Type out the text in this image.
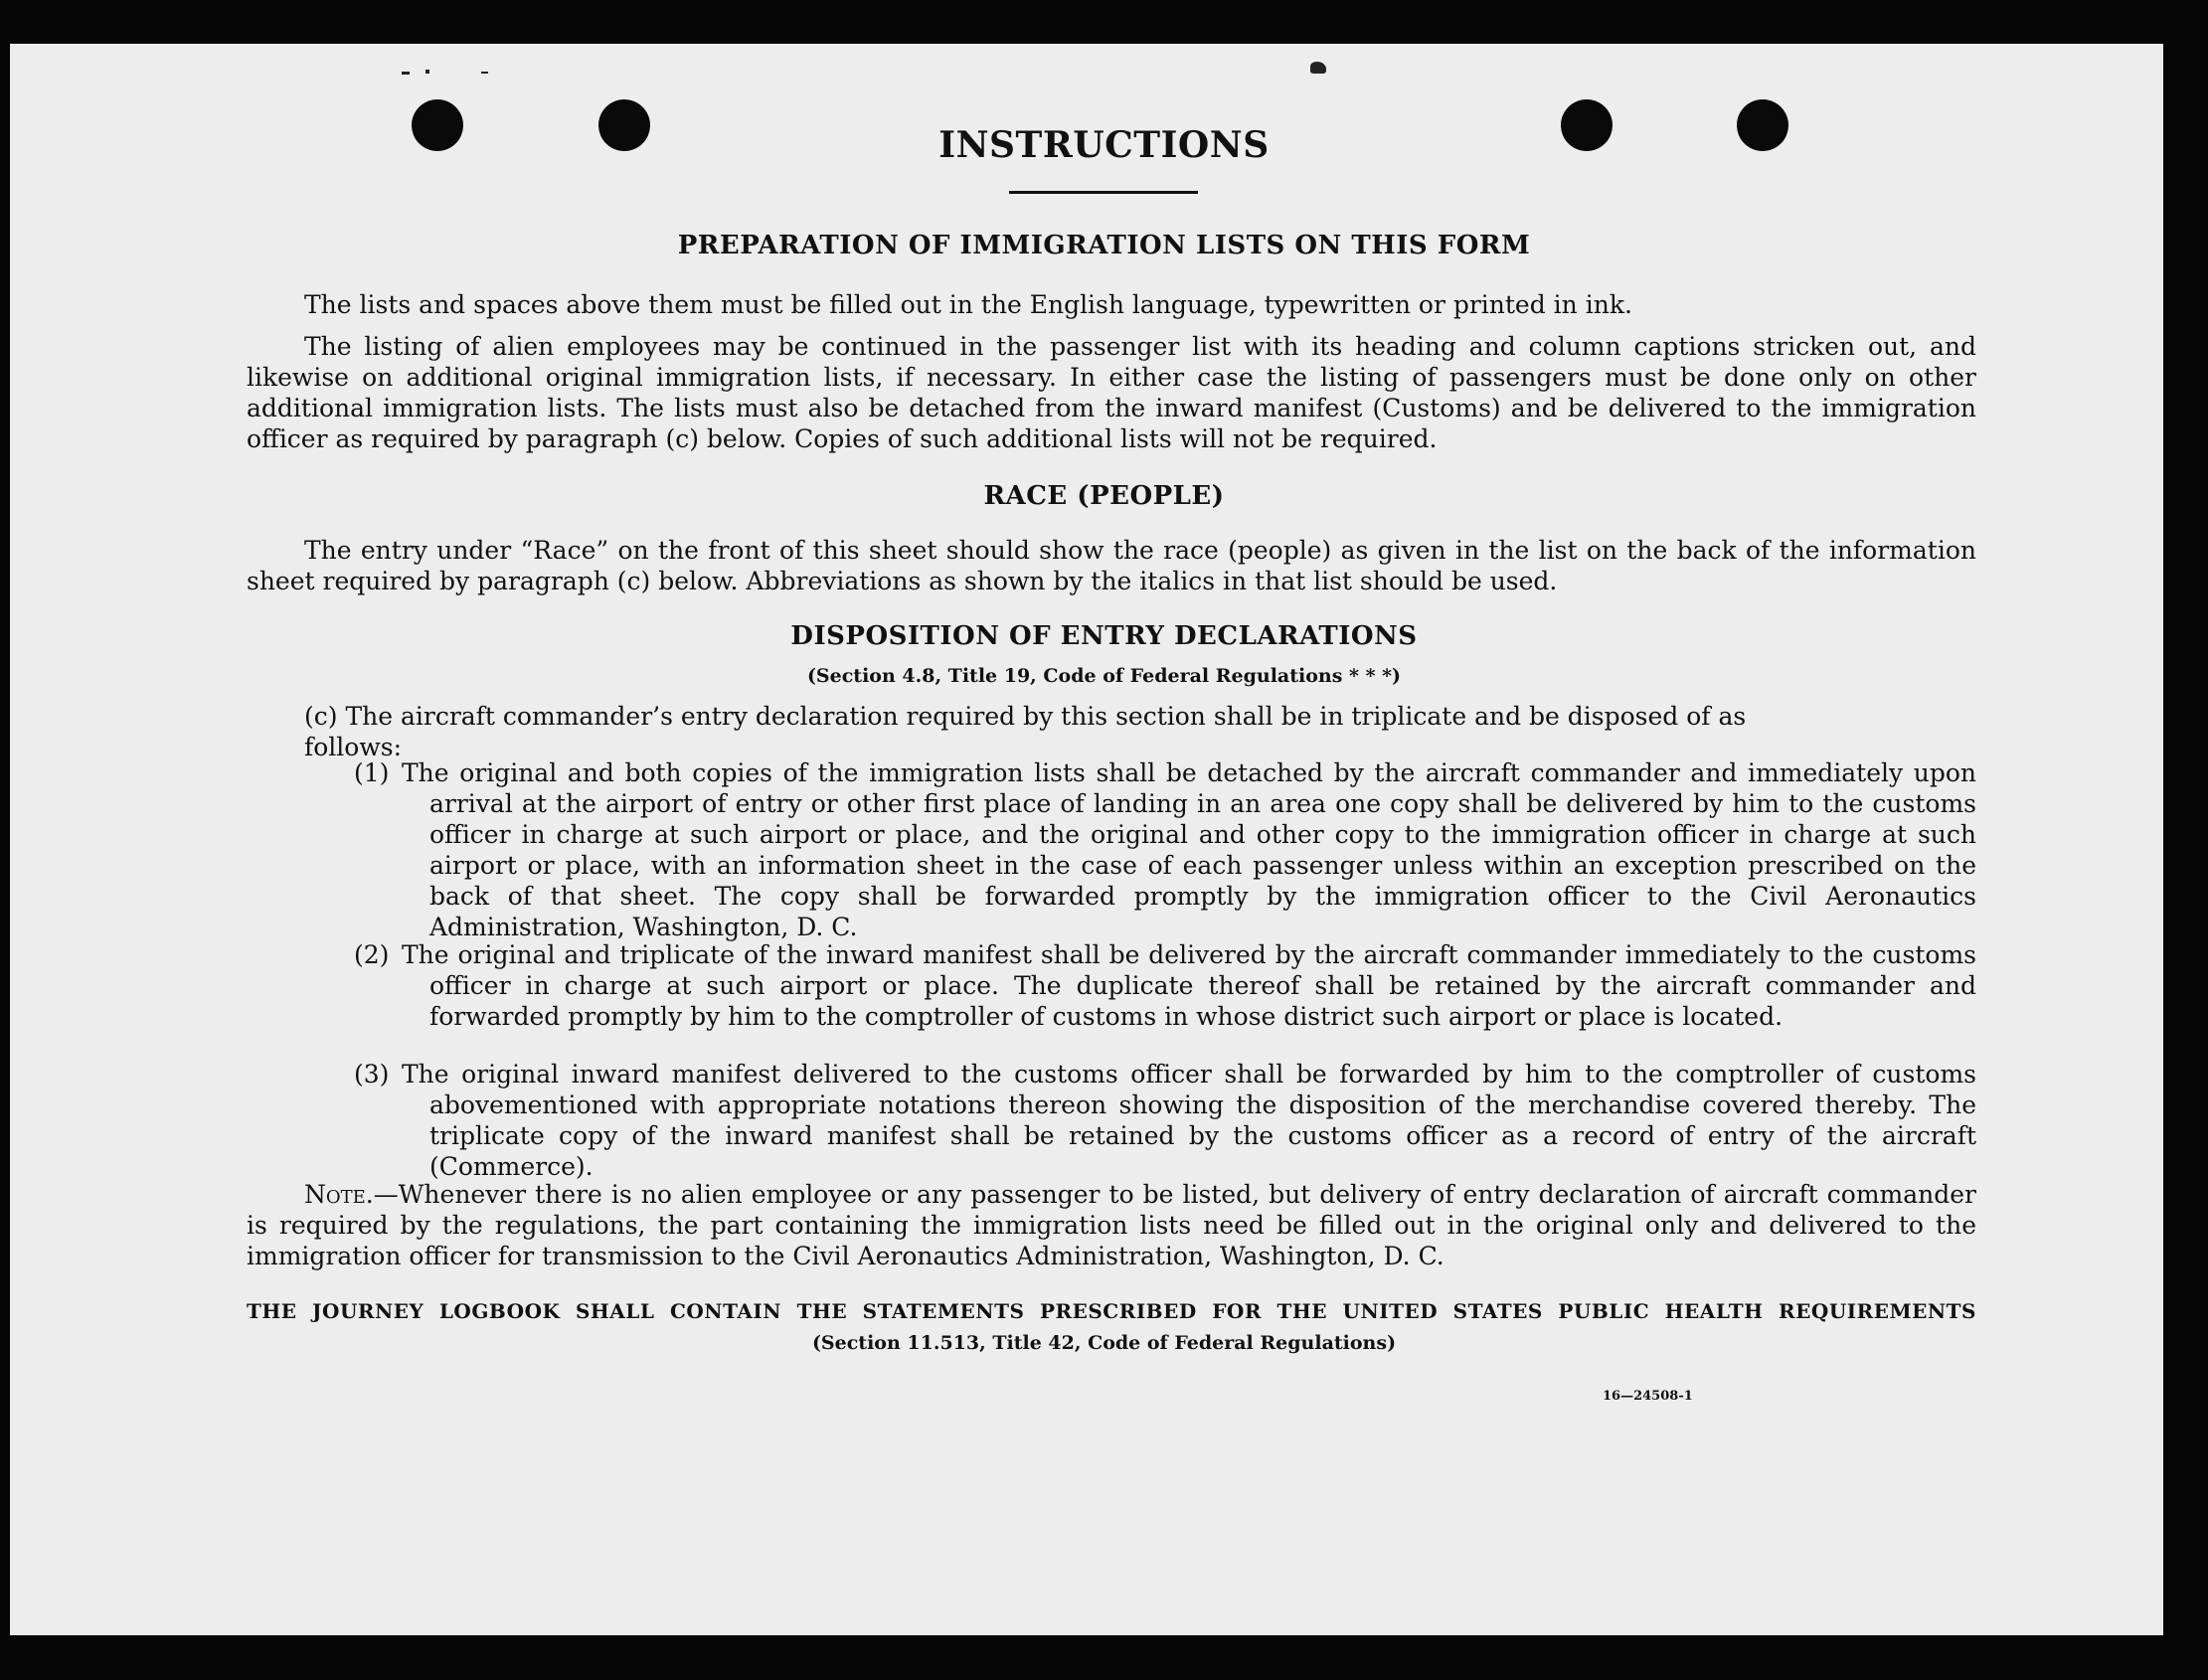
INSTRUCTIONS
PREPARATION OF IMMIGRATION LISTS ON THIS FORM
The lists and spaces above them must be filled out in the English language, typewritten or printed in ink.
The listing of alien employees may be continued in the passenger list with its heading and column captions stricken out, and likewise on additional original immigration lists, if necessary. In either case the listing of passengers must be done only on other additional immigration lists. The lists must also be detached from the inward manifest (Customs) and be delivered to the immigration officer as required by paragraph (c) below. Copies of such additional lists will not be required.
RACE (PEOPLE)
The entry under “Race” on the front of this sheet should show the race (people) as given in the list on the back of the information sheet required by paragraph (c) below. Abbreviations as shown by the italics in that list should be used.
DISPOSITION OF ENTRY DECLARATIONS
(Section 4.8, Title 19, Code of Federal Regulations * * *)
(c) The aircraft commander’s entry declaration required by this section shall be in triplicate and be disposed of as follows:
(1) The original and both copies of the immigration lists shall be detached by the aircraft commander and immediately upon arrival at the airport of entry or other first place of landing in an area one copy shall be delivered by him to the customs officer in charge at such airport or place, and the original and other copy to the immigration officer in charge at such airport or place, with an information sheet in the case of each passenger unless within an exception prescribed on the back of that sheet. The copy shall be forwarded promptly by the immigration officer to the Civil Aeronautics Administration, Washington, D. C.
(2) The original and triplicate of the inward manifest shall be delivered by the aircraft commander immediately to the customs officer in charge at such airport or place. The duplicate thereof shall be retained by the aircraft commander and forwarded promptly by him to the comptroller of customs in whose district such airport or place is located.
(3) The original inward manifest delivered to the customs officer shall be forwarded by him to the comptroller of customs abovementioned with appropriate notations thereon showing the disposition of the merchandise covered thereby. The triplicate copy of the inward manifest shall be retained by the customs officer as a record of entry of the aircraft (Commerce).
Note.—Whenever there is no alien employee or any passenger to be listed, but delivery of entry declaration of aircraft commander is required by the regulations, the part containing the immigration lists need be filled out in the original only and delivered to the immigration officer for transmission to the Civil Aeronautics Administration, Washington, D. C.
THE JOURNEY LOGBOOK SHALL CONTAIN THE STATEMENTS PRESCRIBED FOR THE UNITED STATES PUBLIC HEALTH REQUIREMENTS
(Section 11.513, Title 42, Code of Federal Regulations)
16—24508-1
